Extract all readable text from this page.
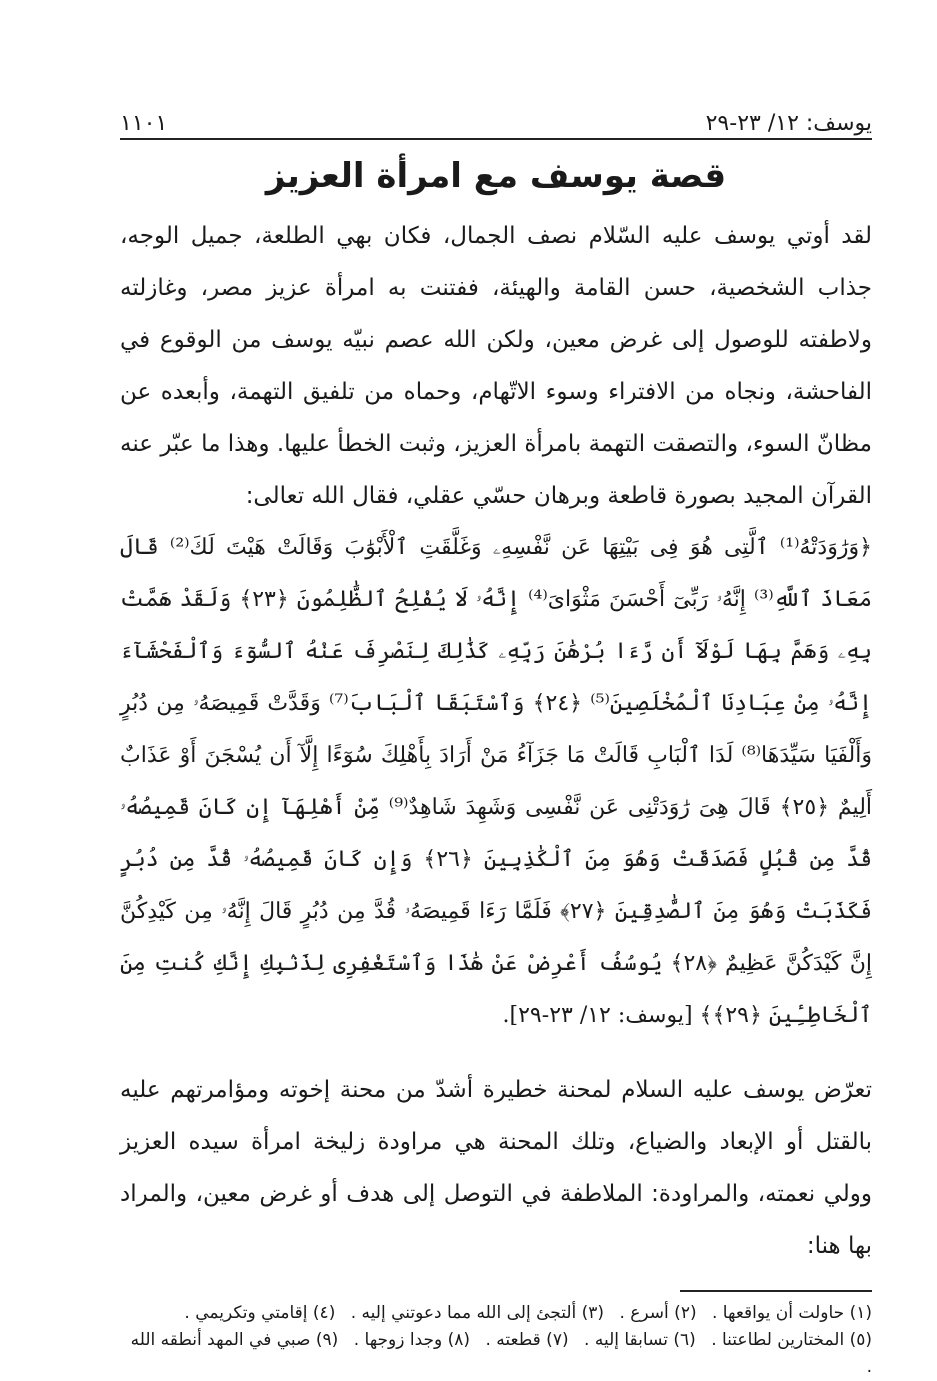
يوسف: ١٢/ ٢٣-٢٩
١١٠١
قصة يوسف مع امرأة العزيز
لقد أوتي يوسف عليه السّلام نصف الجمال، فكان بهي الطلعة، جميل الوجه، جذاب الشخصية، حسن القامة والهيئة، ففتنت به امرأة عزيز مصر، وغازلته ولاطفته للوصول إلى غرض معين، ولكن الله عصم نبيّه يوسف من الوقوع في الفاحشة، ونجاه من الافتراء وسوء الاتّهام، وحماه من تلفيق التهمة، وأبعده عن مظانّ السوء، والتصقت التهمة بامرأة العزيز، وثبت الخطأ عليها. وهذا ما عبّر عنه القرآن المجيد بصورة قاطعة وبرهان حسّي عقلي، فقال الله تعالى:
﴿وَرَٰوَدَتْهُ⁽¹⁾ ٱلَّتِى هُوَ فِى بَيْتِهَا عَن نَّفْسِهِۦ وَغَلَّقَتِ ٱلْأَبْوَٰبَ وَقَالَتْ هَيْتَ لَكَ⁽²⁾ قَالَ مَعَاذَ ٱللَّهِ⁽³⁾ إِنَّهُۥ رَبِّىٓ أَحْسَنَ مَثْوَاىَ⁽⁴⁾ إِنَّهُۥ لَا يُفْلِحُ ٱلظَّٰلِمُونَ ﴿٢٣﴾ وَلَقَدْ هَمَّتْ بِهِۦ وَهَمَّ بِهَا لَوْلَآ أَن رَّءَا بُرْهَٰنَ رَبِّهِۦ كَذَٰلِكَ لِنَصْرِفَ عَنْهُ ٱلسُّوٓءَ وَٱلْفَحْشَآءَ إِنَّهُۥ مِنْ عِبَادِنَا ٱلْمُخْلَصِينَ⁽⁵⁾ ﴿٢٤﴾ وَٱسْتَبَقَا ٱلْبَابَ⁽⁷⁾ وَقَدَّتْ قَمِيصَهُۥ مِن دُبُرٍ وَأَلْفَيَا سَيِّدَهَا⁽⁸⁾ لَدَا ٱلْبَابِ قَالَتْ مَا جَزَآءُ مَنْ أَرَادَ بِأَهْلِكَ سُوٓءًا إِلَّآ أَن يُسْجَنَ أَوْ عَذَابٌ أَلِيمٌ ﴿٢٥﴾ قَالَ هِىَ رَٰوَدَتْنِى عَن نَّفْسِى وَشَهِدَ شَاهِدٌ⁽⁹⁾ مِّنْ أَهْلِهَآ إِن كَانَ قَمِيصُهُۥ قُدَّ مِن قُبُلٍ فَصَدَقَتْ وَهُوَ مِنَ ٱلْكَٰذِبِينَ ﴿٢٦﴾ وَإِن كَانَ قَمِيصُهُۥ قُدَّ مِن دُبُرٍ فَكَذَبَتْ وَهُوَ مِنَ ٱلصَّٰدِقِينَ ﴿٢٧﴾ فَلَمَّا رَءَا قَمِيصَهُۥ قُدَّ مِن دُبُرٍ قَالَ إِنَّهُۥ مِن كَيْدِكُنَّ إِنَّ كَيْدَكُنَّ عَظِيمٌ ﴿٢٨﴾ يُوسُفُ أَعْرِضْ عَنْ هَٰذَا وَٱسْتَغْفِرِى لِذَنۢبِكِ إِنَّكِ كُنتِ مِنَ ٱلْخَاطِـِٔينَ ﴿٢٩﴾﴾ [يوسف: ١٢/ ٢٣-٢٩].
تعرّض يوسف عليه السلام لمحنة خطيرة أشدّ من محنة إخوته ومؤامرتهم عليه بالقتل أو الإبعاد والضياع، وتلك المحنة هي مراودة زليخة امرأة سيده العزيز وولي نعمته، والمراودة: الملاطفة في التوصل إلى هدف أو غرض معين، والمراد بها هنا:
(١) حاولت أن يواقعها . (٢) أسرع . (٣) ألتجئ إلى الله مما دعوتني إليه . (٤) إقامتي وتكريمي .
(٥) المختارين لطاعتنا . (٦) تسابقا إليه . (٧) قطعته . (٨) وجدا زوجها . (٩) صبي في المهد أنطقه الله .
